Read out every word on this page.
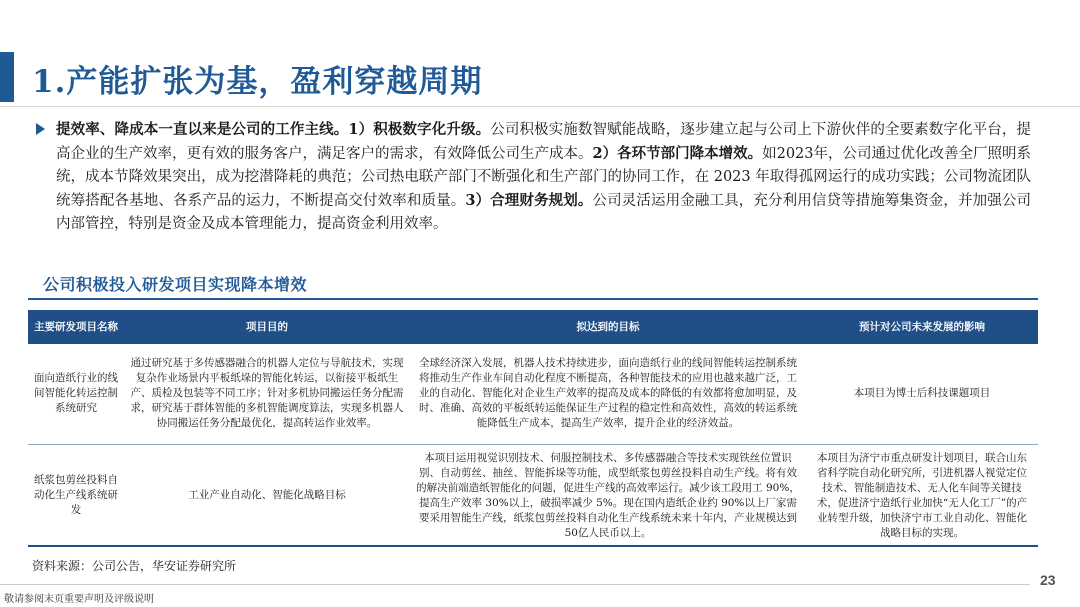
1.产能扩张为基，盈利穿越周期
提效率、降成本一直以来是公司的工作主线。1）积极数字化升级。公司积极实施数智赋能战略，逐步建立起与公司上下游伙伴的全要素数字化平台，提高企业的生产效率，更有效的服务客户，满足客户的需求，有效降低公司生产成本。2）各环节部门降本增效。如2023年，公司通过优化改善全厂照明系统，成本节降效果突出，成为挖潜降耗的典范；公司热电联产部门不断强化和生产部门的协同工作，在 2023 年取得孤网运行的成功实践；公司物流团队统筹搭配各基地、各系产品的运力，不断提高交付效率和质量。3）合理财务规划。公司灵活运用金融工具，充分利用信贷等措施筹集资金，并加强公司内部管控，特别是资金及成本管理能力，提高资金利用效率。
公司积极投入研发项目实现降本增效
主要研发项目名称	项目目的	拟达到的目标	预计对公司未来发展的影响
面向造纸行业的线间智能化转运控制系统研究	通过研究基于多传感器融合的机器人定位与导航技术，实现复杂作业场景内平板纸垛的智能化转运，以衔接平板纸生产、质检及包装等不同工序；针对多机协同搬运任务分配需求，研究基于群体智能的多机智能调度算法，实现多机器人协同搬运任务分配最优化，提高转运作业效率。	全球经济深入发展，机器人技术持续进步，面向造纸行业的线间智能转运控制系统将推动生产作业车间自动化程度不断提高，各种智能技术的应用也越来越广泛，工业的自动化、智能化对企业生产效率的提高及成本的降低的有效都将愈加明显，及时、准确、高效的平板纸转运能保证生产过程的稳定性和高效性，高效的转运系统能降低生产成本，提高生产效率，提升企业的经济效益。	本项目为博士后科技课题项目
纸浆包剪丝投料自动化生产线系统研发	工业产业自动化、智能化战略目标	本项目运用视觉识别技术、伺服控制技术、多传感器融合等技术实现铁丝位置识别、自动剪丝、抽丝、智能拆垛等功能，成型纸浆包剪丝投料自动生产线。将有效的解决前端造纸智能化的问题，促进生产线的高效率运行。减少该工段用工 90%，提高生产效率 30%以上，破损率减少 5%。现在国内造纸企业约 90%以上厂家需要采用智能生产线，纸浆包剪丝投料自动化生产线系统未来十年内，产业规模达到 50亿人民币以上。	本项目为济宁市重点研发计划项目，联合山东省科学院自动化研究所，引进机器人视觉定位技术、智能制造技术、无人化车间等关键技术，促进济宁造纸行业加快“无人化工厂”的产业转型升级，加快济宁市工业自动化、智能化战略目标的实现。
资料来源：公司公告，华安证券研究所
23
敬请参阅末页重要声明及评级说明
